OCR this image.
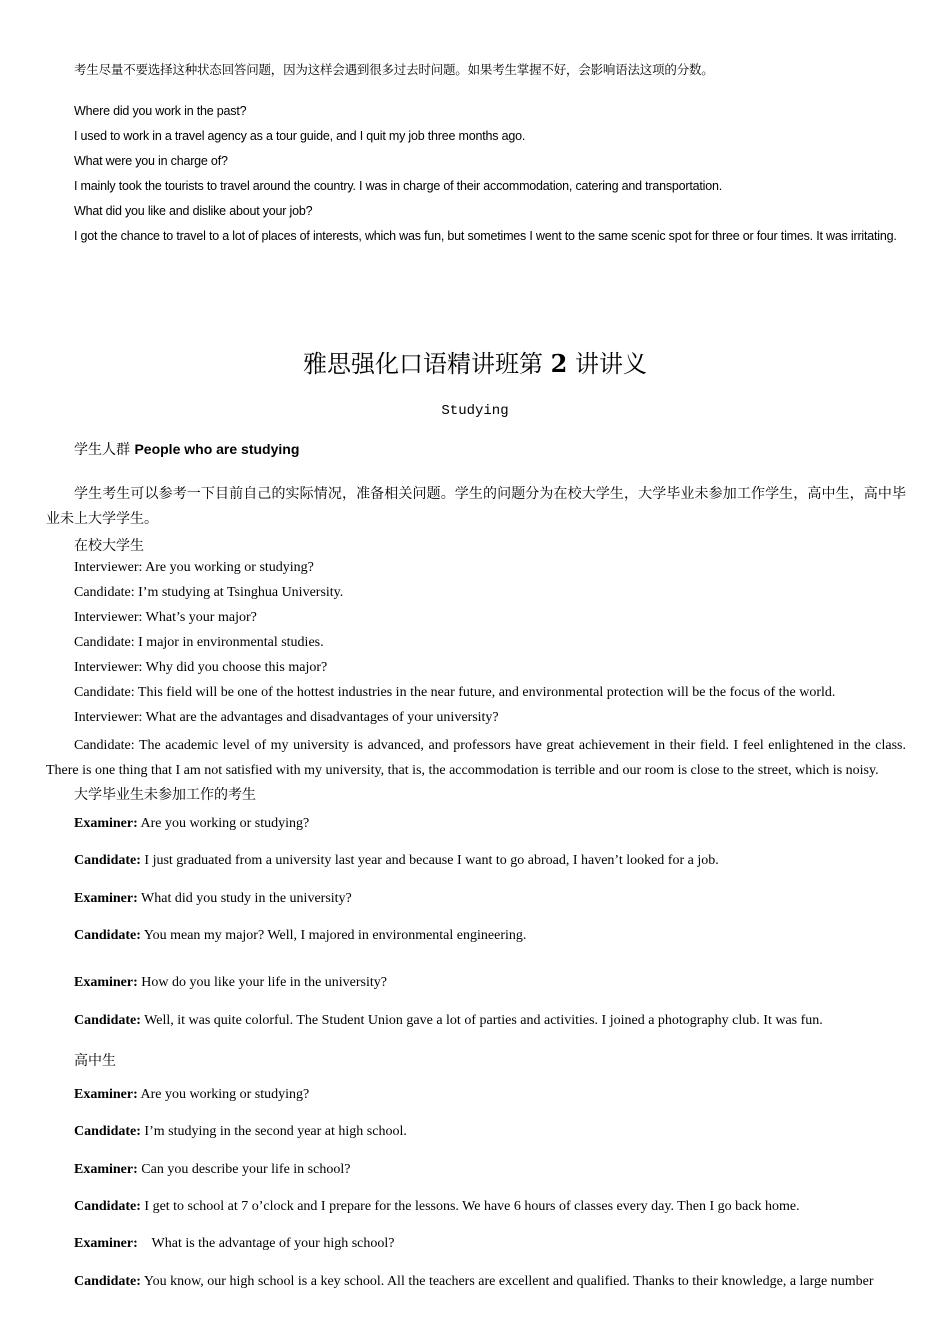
考生尽量不要选择这种状态回答问题，因为这样会遇到很多过去时问题。如果考生掌握不好，会影响语法这项的分数。
Where did you work in the past?
I used to work in a travel agency as a tour guide, and I quit my job three months ago.
What were you in charge of?
I mainly took the tourists to travel around the country. I was in charge of their accommodation, catering and transportation.
What did you like and dislike about your job?
I got the chance to travel to a lot of places of interests, which was fun, but sometimes I went to the same scenic spot for three or four times. It was irritating.
雅思强化口语精讲班第 2 讲讲义
Studying
学生人群 People who are studying
学生考生可以参考一下目前自己的实际情况，准备相关问题。学生的问题分为在校大学生，大学毕业未参加工作学生，高中生，高中毕业未上大学学生。
在校大学生
Interviewer: Are you working or studying?
Candidate: I’m studying at Tsinghua University.
Interviewer: What’s your major?
Candidate: I major in environmental studies.
Interviewer: Why did you choose this major?
Candidate: This field will be one of the hottest industries in the near future, and environmental protection will be the focus of the world.
Interviewer: What are the advantages and disadvantages of your university?
Candidate: The academic level of my university is advanced, and professors have great achievement in their field. I feel enlightened in the class. There is one thing that I am not satisfied with my university, that is, the accommodation is terrible and our room is close to the street, which is noisy.
大学毕业生未参加工作的考生
Examiner: Are you working or studying?
Candidate: I just graduated from a university last year and because I want to go abroad, I haven’t looked for a job.
Examiner: What did you study in the university?
Candidate: You mean my major? Well, I majored in environmental engineering.
Examiner: How do you like your life in the university?
Candidate: Well, it was quite colorful. The Student Union gave a lot of parties and activities. I joined a photography club. It was fun.
高中生
Examiner: Are you working or studying?
Candidate: I’m studying in the second year at high school.
Examiner: Can you describe your life in school?
Candidate: I get to school at 7 o’clock and I prepare for the lessons. We have 6 hours of classes every day. Then I go back home.
Examiner:    What is the advantage of your high school?
Candidate: You know, our high school is a key school. All the teachers are excellent and qualified. Thanks to their knowledge, a large number
